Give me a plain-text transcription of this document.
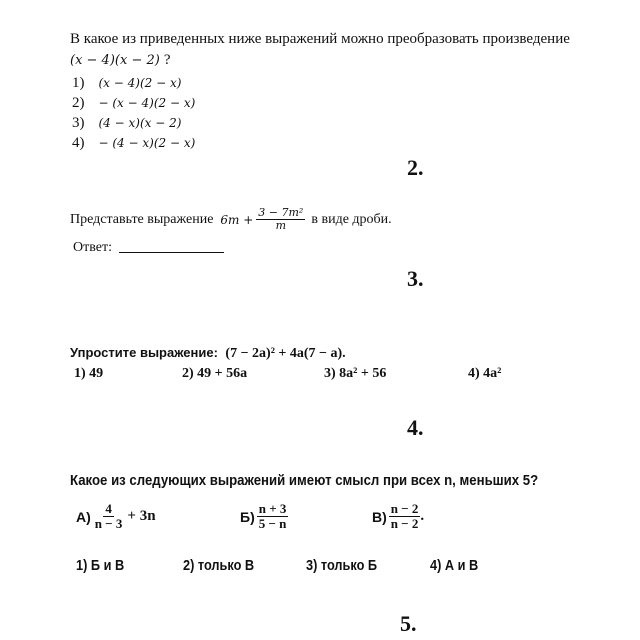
В какое из приведенных ниже выражений можно преобразовать произведение
(x − 4)(x − 2) ?
1) (x − 4)(2 − x)
2) − (x − 4)(2 − x)
3) (4 − x)(x − 2)
4) − (4 − x)(2 − x)
2.
Представьте выражение $6m + \frac{\text{3 − 7m²}}{m}$ в виде дроби.
Ответ:
3.
Упростите выражение: (7 − 2a)² + 4a(7 − a).
1) 49	2) 49 + 56a	3) 8a² + 56	4) 4a²
4.
Какое из следующих выражений имеют смысл при всех n, меньших 5?
$А) \frac{4}{n - 3} + 3n$	$Б) \frac{n + 3}{5 - n}$	$В) \frac{n - 2}{n - 2}$ .
1) Б и В	2) только В	3) только Б	4) А и В
5.
